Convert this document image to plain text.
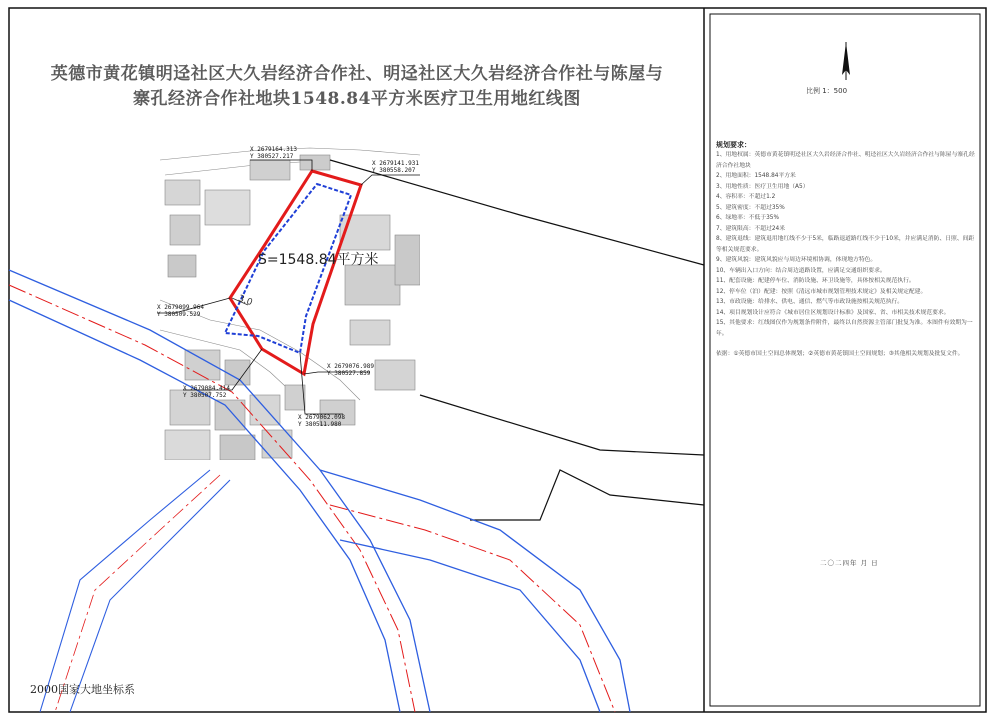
英德市黄花镇明迳社区大久岩经济合作社、明迳社区大久岩经济合作社与陈屋与
寨孔经济合作社地块1548.84平方米医疗卫生用地红线图
S=1548.84平方米
3.0
X 2679164.313
Y 380527.217
X 2679141.931
Y 380558.207
X 2679099.964
Y 380509.529
X 2679076.989
Y 380527.859
X 2679084.414
Y 380507.752
X 2679062.098
Y 380511.980
2000国家大地坐标系
比例 1：500
规划要求：

1、用地权属：英德市黄花镇明迳社区大久岩经济合作社、明迳社区大久岩经济合作社与陈屋与寨孔经济合作社地块

2、用地面积：1548.84平方米

3、用地性质：医疗卫生用地（A5）

4、容积率：不超过1.2

5、建筑密度：不超过35%

6、绿地率：不低于35%

7、建筑限高：不超过24米

8、建筑退线：建筑退用地红线不少于5米，临路退道路红线不少于10米，并应满足消防、日照、间距等相关规范要求。

9、建筑风貌：建筑风貌应与周边环境相协调，体现地方特色。

10、车辆出入口方向：结合周边道路设置，应满足交通组织要求。

11、配套设施：配建停车位、消防设施、环卫设施等，具体按相关规范执行。

12、停车位（泊）配建：按照《清远市城市规划管理技术规定》及相关规定配建。

13、市政设施：给排水、供电、通信、燃气等市政设施按相关规范执行。

14、项目规划设计应符合《城市居住区规划设计标准》及国家、省、市相关技术规范要求。

15、其他要求：红线图仅作为规划条件附件，最终以自然资源主管部门批复为准。本图件有效期为一年。

依据：①英德市国土空间总体规划；②英德市黄花镇国土空间规划；③其他相关规划及批复文件。

二〇二四年 月 日
